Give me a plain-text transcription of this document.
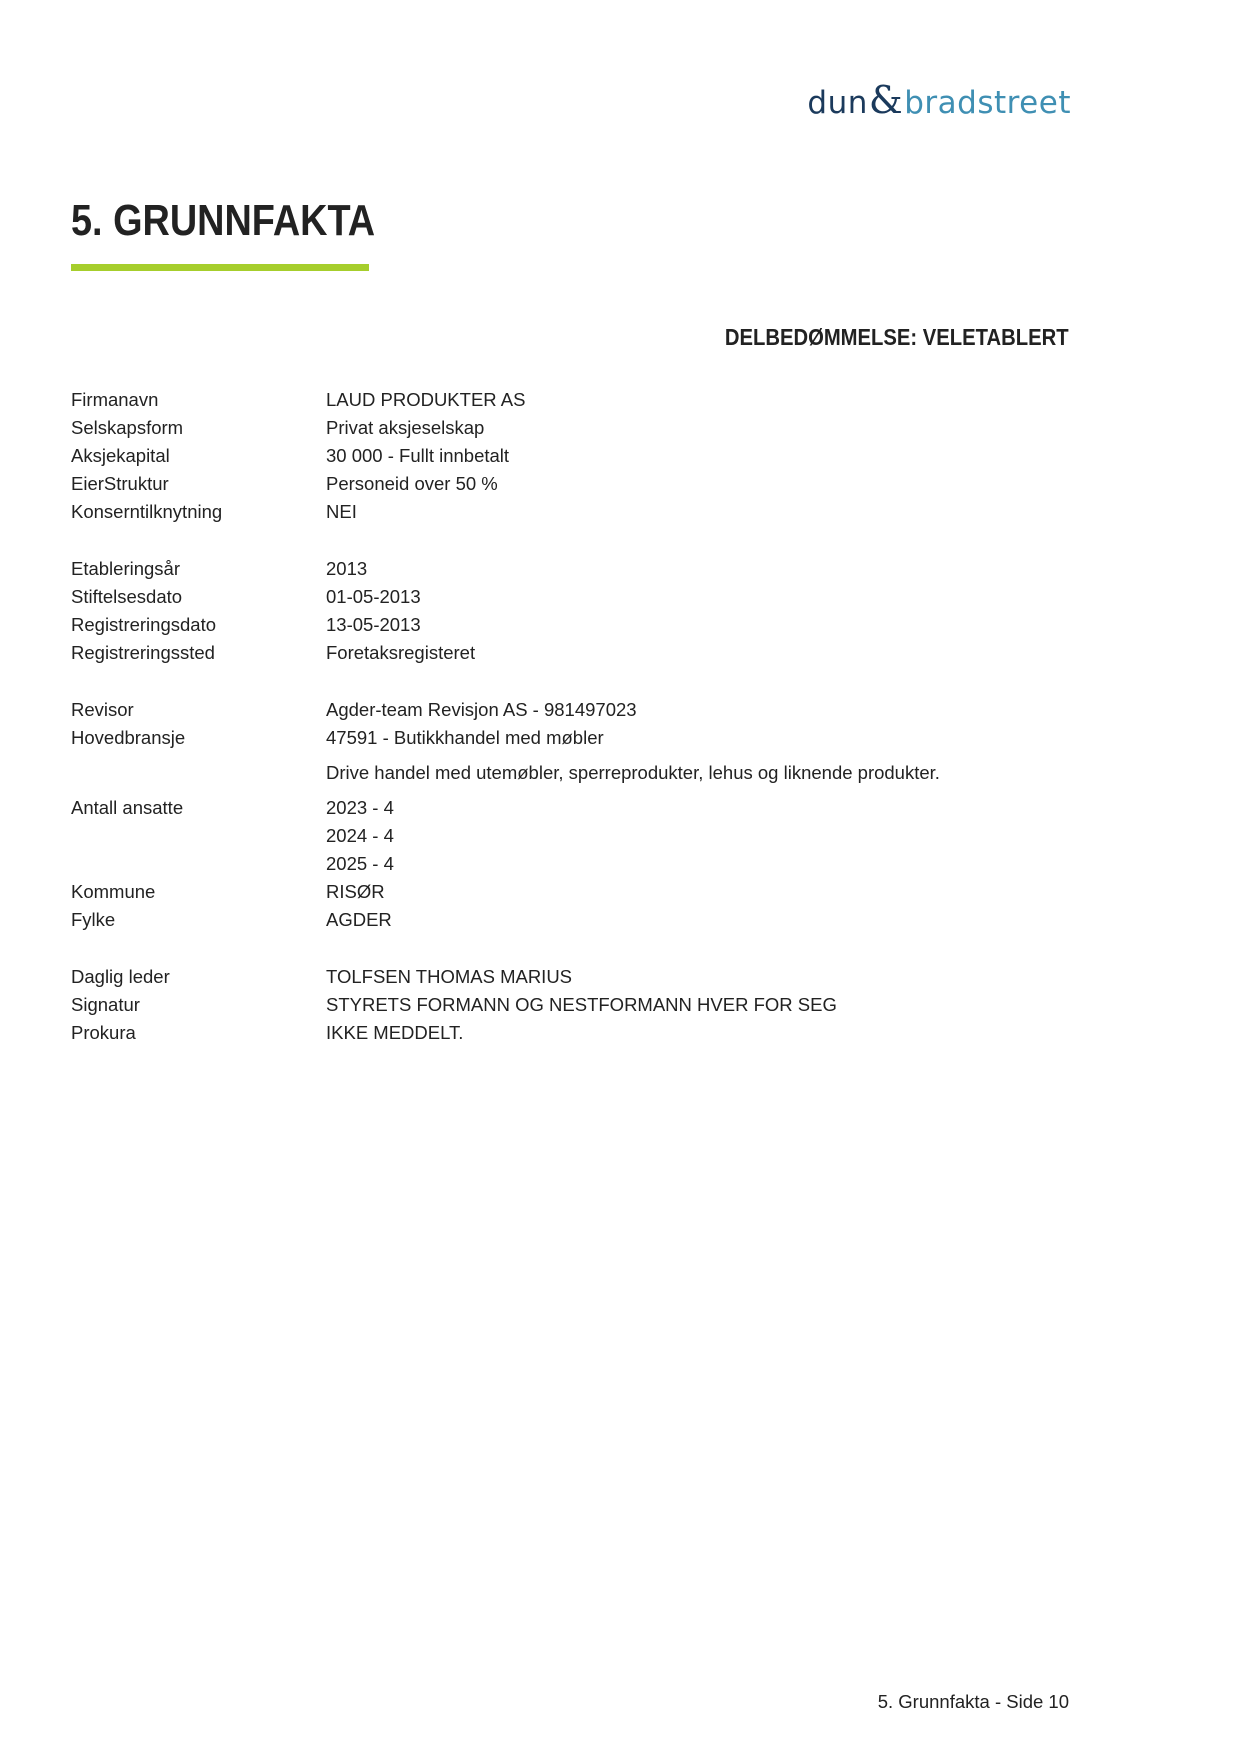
dun&bradstreet
5. GRUNNFAKTA
DELBEDØMMELSE: VELETABLERT
Firmanavn	LAUD PRODUKTER AS
Selskapsform	Privat aksjeselskap
Aksjekapital	30 000 - Fullt innbetalt
EierStruktur	Personeid over 50 %
Konserntilknytning	NEI
Etableringsår	2013
Stiftelsesdato	01-05-2013
Registreringsdato	13-05-2013
Registreringssted	Foretaksregisteret
Revisor	Agder-team Revisjon AS - 981497023
Hovedbransje	47591 - Butikkhandel med møbler
Drive handel med utemøbler, sperreprodukter, lehus og liknende produkter.
Antall ansatte	2023 - 4
2024 - 4
2025 - 4
Kommune	RISØR
Fylke	AGDER
Daglig leder	TOLFSEN THOMAS MARIUS
Signatur	STYRETS FORMANN OG NESTFORMANN HVER FOR SEG
Prokura	IKKE MEDDELT.
5. Grunnfakta - Side 10
